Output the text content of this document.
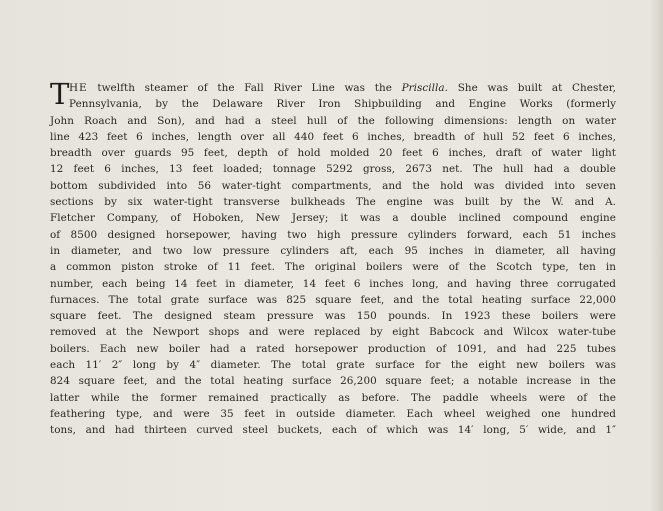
T HE twelfth steamer of the Fall River Line was the Priscilla. She was built at Chester,
Pennsylvania, by the Delaware River Iron Shipbuilding and Engine Works (formerly
John Roach and Son), and had a steel hull of the following dimensions: length on water
line 423 feet 6 inches, length over all 440 feet 6 inches, breadth of hull 52 feet 6 inches,
breadth over guards 95 feet, depth of hold molded 20 feet 6 inches, draft of water light
12 feet 6 inches, 13 feet loaded; tonnage 5292 gross, 2673 net. The hull had a double
bottom subdivided into 56 water-tight compartments, and the hold was divided into seven
sections by six water-tight transverse bulkheads The engine was built by the W. and A.
Fletcher Company, of Hoboken, New Jersey; it was a double inclined compound engine
of 8500 designed horsepower, having two high pressure cylinders forward, each 51 inches
in diameter, and two low pressure cylinders aft, each 95 inches in diameter, all having
a common piston stroke of 11 feet. The original boilers were of the Scotch type, ten in
number, each being 14 feet in diameter, 14 feet 6 inches long, and having three corrugated
furnaces. The total grate surface was 825 square feet, and the total heating surface 22,000
square feet. The designed steam pressure was 150 pounds. In 1923 these boilers were
removed at the Newport shops and were replaced by eight Babcock and Wilcox water-tube
boilers. Each new boiler had a rated horsepower production of 1091, and had 225 tubes
each 11′ 2″ long by 4″ diameter. The total grate surface for the eight new boilers was
824 square feet, and the total heating surface 26,200 square feet; a notable increase in the
latter while the former remained practically as before. The paddle wheels were of the
feathering type, and were 35 feet in outside diameter. Each wheel weighed one hundred
tons, and had thirteen curved steel buckets, each of which was 14′ long, 5′ wide, and 1″
